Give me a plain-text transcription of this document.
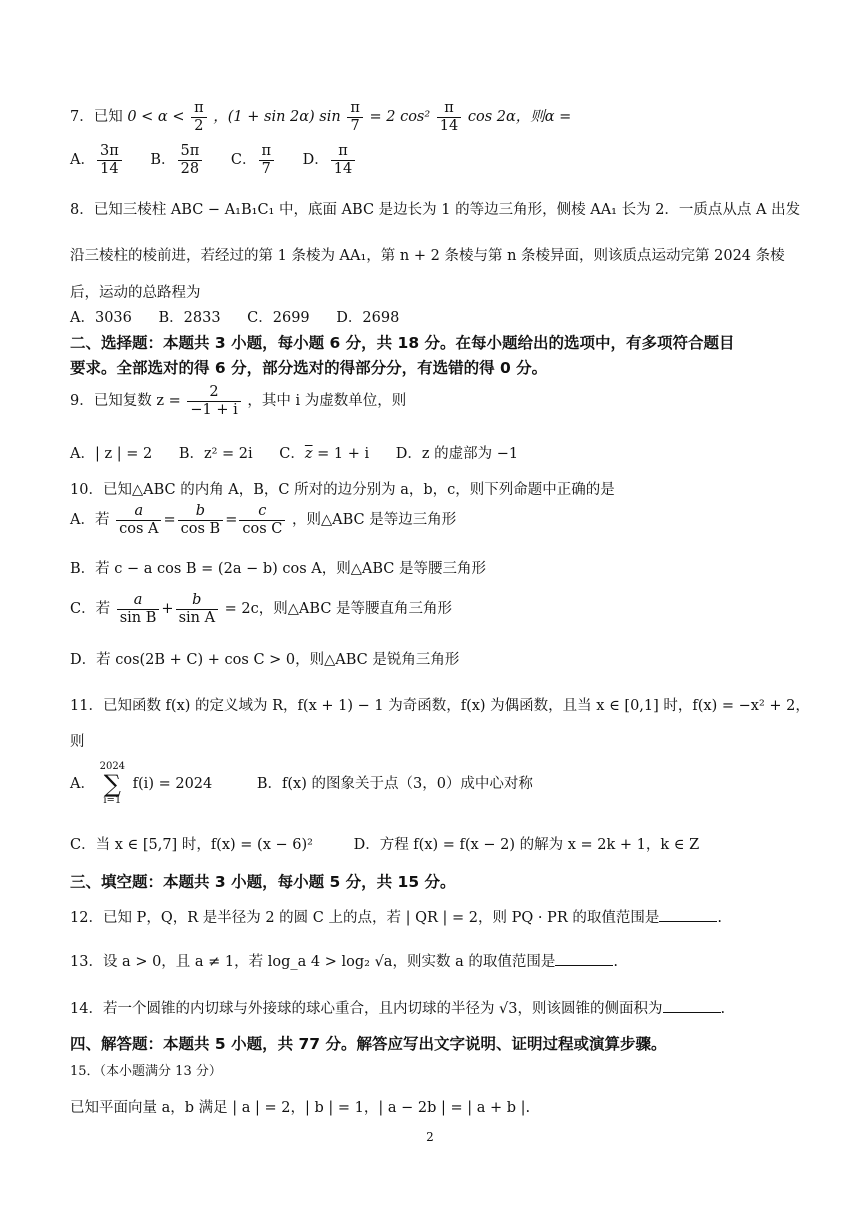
7．已知 $0 < \alpha < \frac{\pi}{2}$ ，(1 + sin 2α) $\sin \frac{\pi}{7} = 2$ $\cos^2 \frac{\pi}{14}$ cos 2α，则α =
A． $\frac{3\pi}{14}$ B． $\frac{5\pi}{28}$ C． $\frac{\pi}{7}$ D． $\frac{\pi}{14}$
8．已知三棱柱 ABC − A₁B₁C₁ 中，底面 ABC 是边长为 1 的等边三角形，侧棱 AA₁ 长为 2．一质点从点 A 出发
沿三棱柱的棱前进，若经过的第 1 条棱为 AA₁，第 n + 2 条棱与第 n 条棱异面，则该质点运动完第 2024 条棱
后，运动的总路程为
A．3036 B．2833 C．2699 D．2698
二、选择题：本题共 3 小题，每小题 6 分，共 18 分。在每小题给出的选项中，有多项符合题目
要求。全部选对的得 6 分，部分选对的得部分分，有选错的得 0 分。
9．已知复数 $z = \frac{2}{-1 + i}$ ，其中 i 为虚数单位，则
A．| z | = 2 B．z² = 2i C．$\overline{z} = 1 + i$ D．z 的虚部为 −1
10．已知△ABC 的内角 A，B，C 所对的边分别为 a，b，c，则下列命题中正确的是
A．若 $\frac{a}{\text{cos A}} = \frac{b}{\text{cos B}} = \frac{c}{\text{cos C}}$ ，则△ABC 是等边三角形
B．若 c − a cos B = (2a − b) cos A，则△ABC 是等腰三角形
C．若 $\frac{a}{\text{sin B}} + \frac{b}{\text{sin A}} = 2c$，则△ABC 是等腰直角三角形
D．若 cos(2B + C) + cos C > 0，则△ABC 是锐角三角形
11．已知函数 f(x) 的定义域为 R，f(x + 1) − 1 为奇函数，f(x) 为偶函数，且当 x ∈ [0,1] 时，f(x) = −x² + 2，
则
A． 2024
∑
i=1 f(i) = 2024	B．f(x) 的图象关于点（3，0）成中心对称
C．当 x ∈ [5,7] 时，f(x) = (x − 6)²	D．方程 f(x) = f(x − 2) 的解为 x = 2k + 1，k ∈ Z
三、填空题：本题共 3 小题，每小题 5 分，共 15 分。
12．已知 P，Q，R 是半径为 2 的圆 C 上的点，若 | QR | = 2，则 PQ · PR 的取值范围是	.
13．设 a > 0，且 a ≠ 1，若 log_a 4 > log₂ √a，则实数 a 的取值范围是	.
14．若一个圆锥的内切球与外接球的球心重合，且内切球的半径为 √3，则该圆锥的侧面积为	.
四、解答题：本题共 5 小题，共 77 分。解答应写出文字说明、证明过程或演算步骤。
15．（本小题满分 13 分）
已知平面向量 a，b 满足 | a | = 2，| b | = 1，| a − 2b | = | a + b |.
2
